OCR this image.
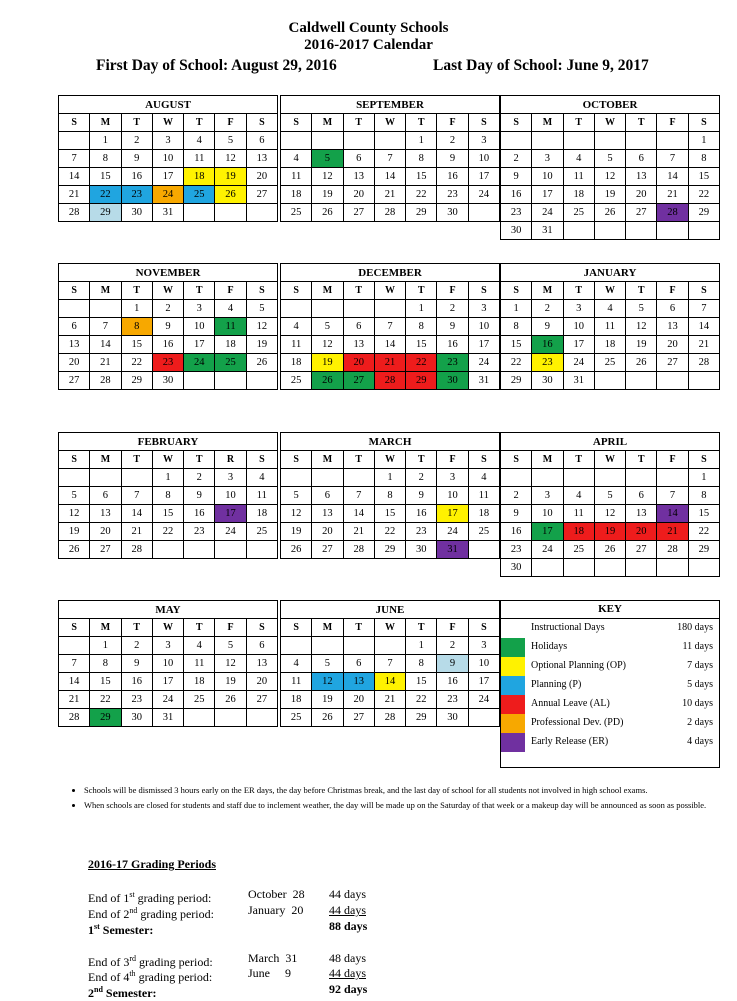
Caldwell County Schools
2016-2017 Calendar
First Day of School: August 29, 2016	Last Day of School: June 9, 2017
AUGUST						
S	M	T	W	T	F	S
	1	2	3	4	5	6
7	8	9	10	11	12	13
14	15	16	17	18	19	20
21	22	23	24	25	26	27
28	29	30	31			
SEPTEMBER						
S	M	T	W	T	F	S
				1	2	3
4	5	6	7	8	9	10
11	12	13	14	15	16	17
18	19	20	21	22	23	24
25	26	27	28	29	30	
OCTOBER						
S	M	T	W	T	F	S
						1
2	3	4	5	6	7	8
9	10	11	12	13	14	15
16	17	18	19	20	21	22
23	24	25	26	27	28	29
30	31					
NOVEMBER						
S	M	T	W	T	F	S
		1	2	3	4	5
6	7	8	9	10	11	12
13	14	15	16	17	18	19
20	21	22	23	24	25	26
27	28	29	30			
DECEMBER						
S	M	T	W	T	F	S
				1	2	3
4	5	6	7	8	9	10
11	12	13	14	15	16	17
18	19	20	21	22	23	24
25	26	27	28	29	30	31
JANUARY						
S	M	T	W	T	F	S
1	2	3	4	5	6	7
8	9	10	11	12	13	14
15	16	17	18	19	20	21
22	23	24	25	26	27	28
29	30	31				
FEBRUARY						
S	M	T	W	T	R	S
			1	2	3	4
5	6	7	8	9	10	11
12	13	14	15	16	17	18
19	20	21	22	23	24	25
26	27	28				
MARCH						
S	M	T	W	T	F	S
			1	2	3	4
5	6	7	8	9	10	11
12	13	14	15	16	17	18
19	20	21	22	23	24	25
26	27	28	29	30	31	
APRIL						
S	M	T	W	T	F	S
						1
2	3	4	5	6	7	8
9	10	11	12	13	14	15
16	17	18	19	20	21	22
23	24	25	26	27	28	29
30						
MAY						
S	M	T	W	T	F	S
	1	2	3	4	5	6
7	8	9	10	11	12	13
14	15	16	17	18	19	20
21	22	23	24	25	26	27
28	29	30	31			
JUNE						
S	M	T	W	T	F	S
				1	2	3
4	5	6	7	8	9	10
11	12	13	14	15	16	17
18	19	20	21	22	23	24
25	26	27	28	29	30	
KEY
Instructional Days	180 days
Holidays	11 days
Optional Planning (OP)	7 days
Planning (P)	5 days
Annual Leave (AL)	10 days
Professional Dev. (PD)	2 days
Early Release (ER)	4 days
• Schools will be dismissed 3 hours early on the ER days, the day before Christmas break, and the last day of school for all students not involved in high school exams.
• When schools are closed for students and staff due to inclement weather, the day will be made up on the Saturday of that week or a makeup day will be announced as soon as possible.
2016-17 Grading Periods
End of 1st grading period:	October  28 44 days
End of 2nd grading period:	January  20 44 days
1st Semester:	88 days
End of 3rd grading period:	March  31	48 days
End of 4th grading period:	June     9	44 days
2nd Semester:	92 days
